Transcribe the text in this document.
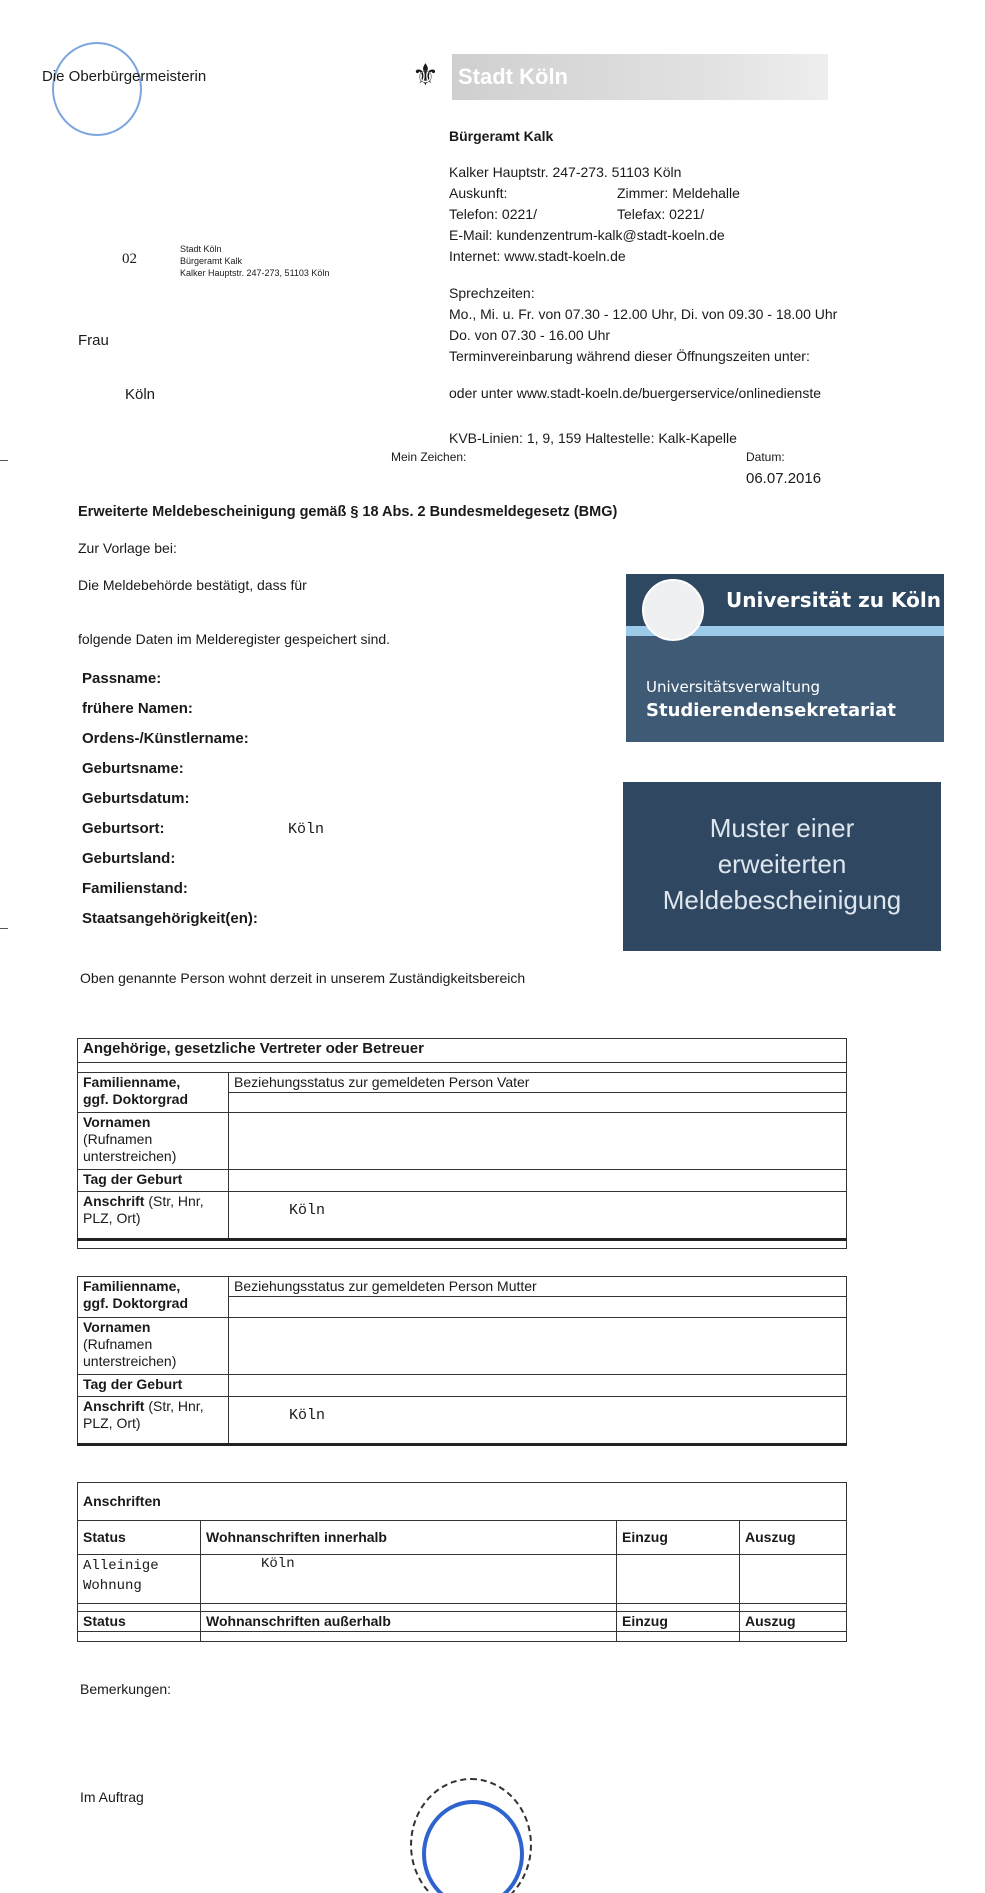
Die Oberbürgermeisterin	⚜ Stadt Köln
Bürgeramt Kalk
Kalker Hauptstr. 247-273. 51103 Köln
Auskunft:	Zimmer: Meldehalle
Telefon: 0221/	Telefax: 0221/
E-Mail: kundenzentrum-kalk@stadt-koeln.de
Internet: www.stadt-koeln.de
Sprechzeiten:
Mo., Mi. u. Fr. von 07.30 - 12.00 Uhr, Di. von 09.30 - 18.00 Uhr
Do. von 07.30 - 16.00 Uhr
Terminvereinbarung während dieser Öffnungszeiten unter:
oder unter www.stadt-koeln.de/buergerservice/onlinedienste
KVB-Linien: 1, 9, 159 Haltestelle: Kalk-Kapelle
02
Stadt Köln
Bürgeramt Kalk
Kalker Hauptstr. 247-273, 51103 Köln
Frau
Köln
Mein Zeichen:	Datum:
06.07.2016
Erweiterte Meldebescheinigung gemäß § 18 Abs. 2 Bundesmeldegesetz (BMG)
Zur Vorlage bei:
Die Meldebehörde bestätigt, dass für
folgende Daten im Melderegister gespeichert sind.
Passname:
frühere Namen:
Ordens-/Künstlername:
Geburtsname:
Geburtsdatum:
Geburtsort:	Köln
Geburtsland:
Familienstand:
Staatsangehörigkeit(en):
Universität zu Köln
Universitätsverwaltung
Studierendensekretariat
Muster einer
erweiterten
Meldebescheinigung
Oben genannte Person wohnt derzeit in unserem Zuständigkeitsbereich
Angehörige, gesetzliche Vertreter oder Betreuer	

Familienname,
ggf. Doktorgrad	Beziehungsstatus zur gemeldeten Person Vater

Vornamen
(Rufnamen
unterstreichen)	
Tag der Geburt	
Anschrift (Str, Hnr,
PLZ, Ort)	Köln

Familienname,
ggf. Doktorgrad	Beziehungsstatus zur gemeldeten Person Mutter

Vornamen
(Rufnamen
unterstreichen)	
Tag der Geburt	
Anschrift (Str, Hnr,
PLZ, Ort)	Köln
Anschriften			
Status	Wohnanschriften innerhalb	Einzug	Auszug
Alleinige
Wohnung	Köln		

Status	Wohnanschriften außerhalb	Einzug	Auszug

Bemerkungen:
Im Auftrag
